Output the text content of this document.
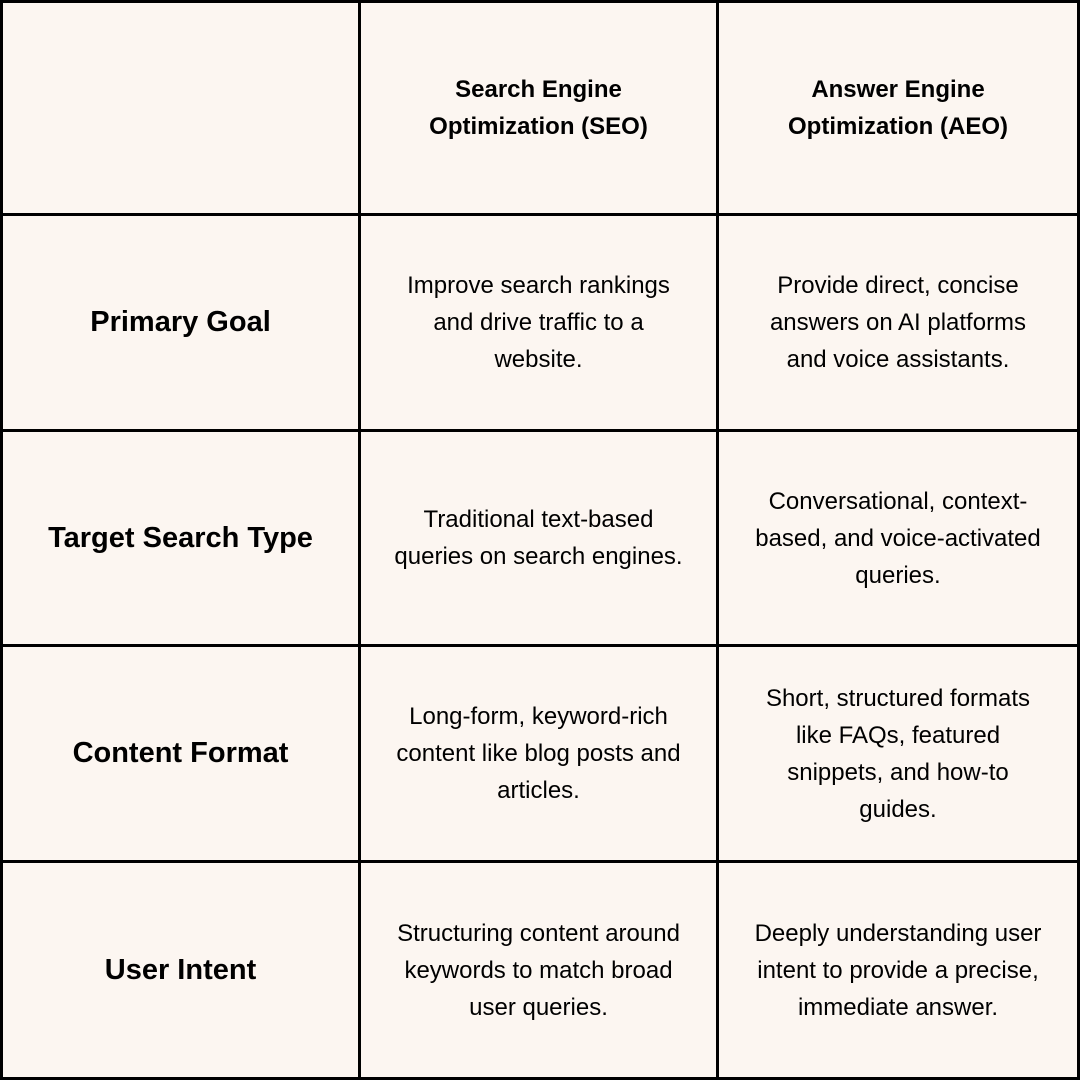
Search Engine Optimization (SEO)
Answer Engine Optimization (AEO)
Primary Goal
Improve search rankings and drive traffic to a website.
Provide direct, concise answers on AI platforms and voice assistants.
Target Search Type
Traditional text-based queries on search engines.
Conversational, context-based, and voice-activated queries.
Content Format
Long-form, keyword-rich content like blog posts and articles.
Short, structured formats like FAQs, featured snippets, and how-to guides.
User Intent
Structuring content around keywords to match broad user queries.
Deeply understanding user intent to provide a precise, immediate answer.
